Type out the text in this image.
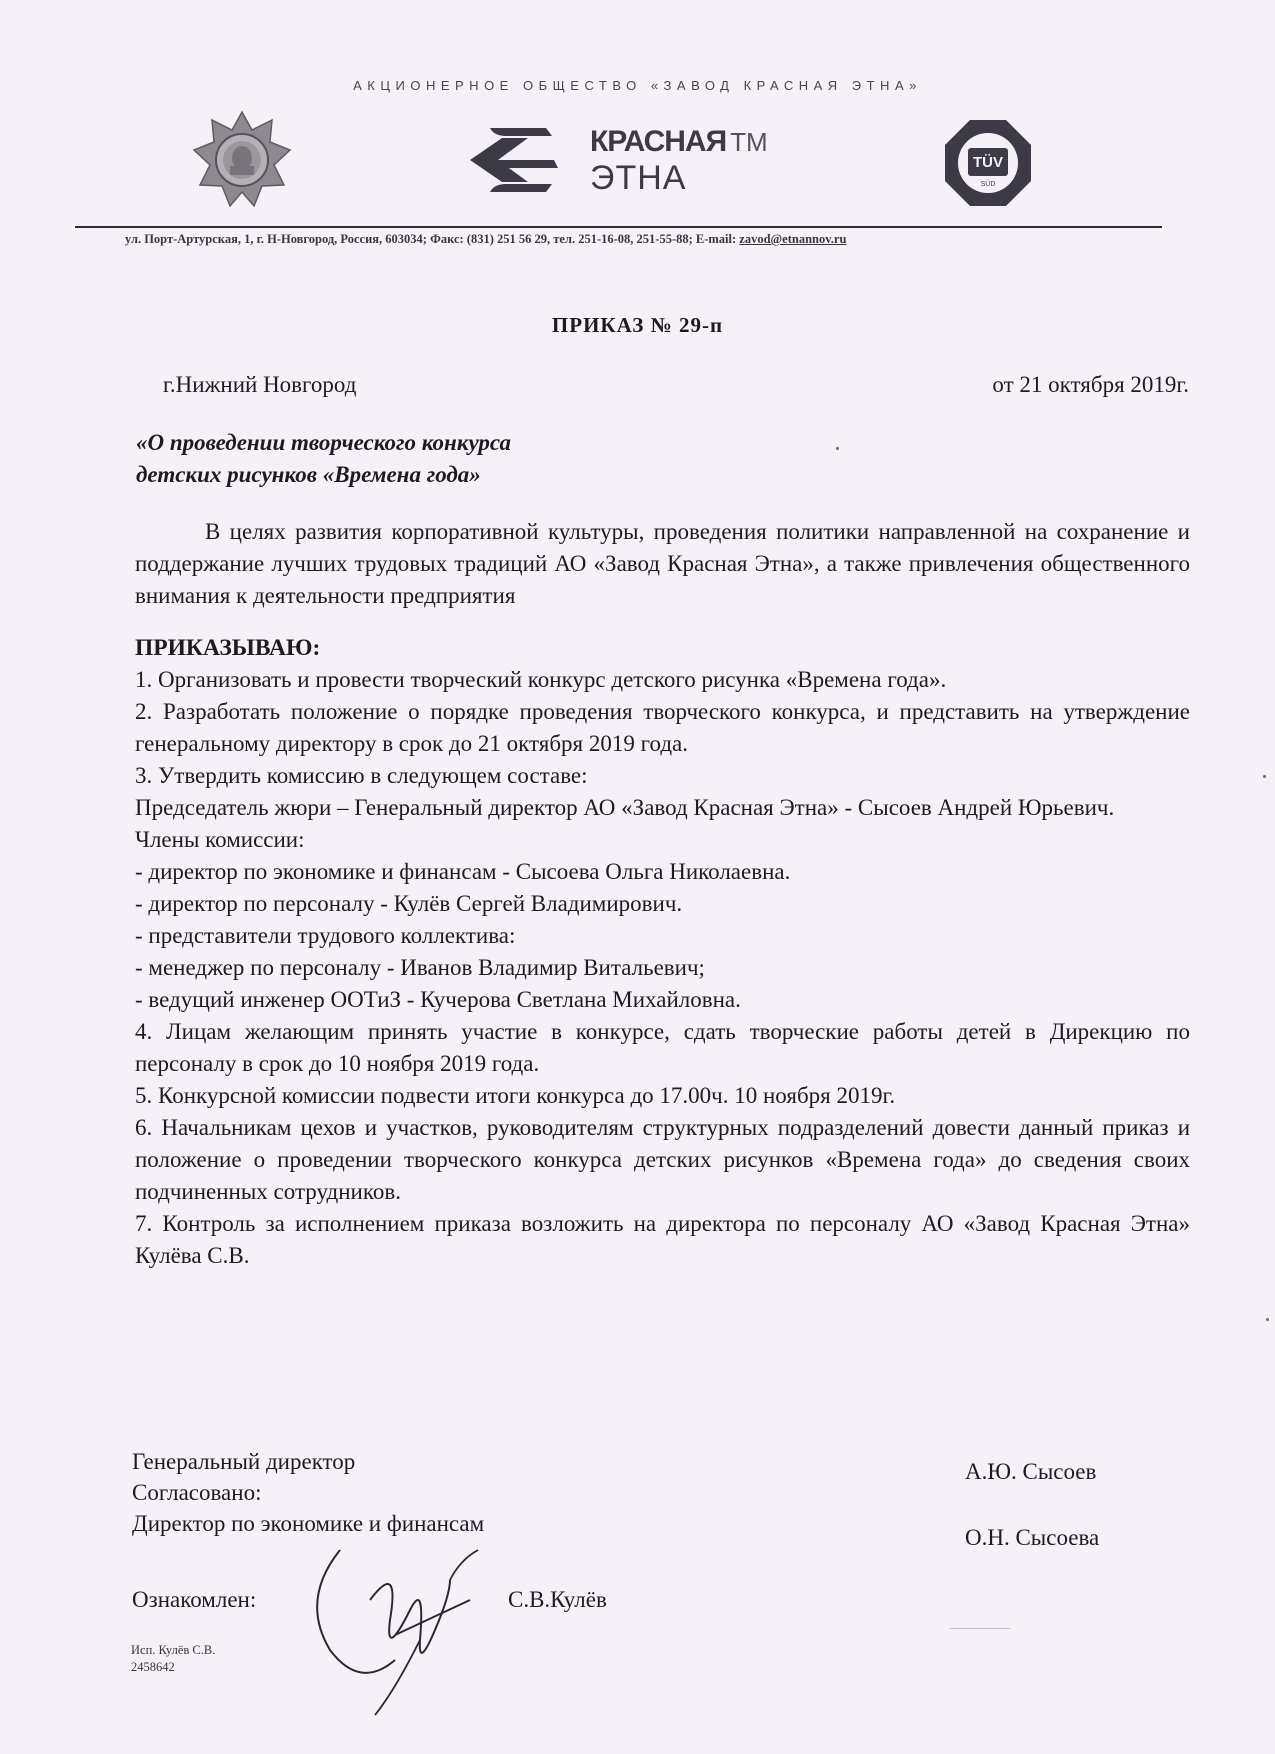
АКЦИОНЕРНОЕ ОБЩЕСТВО «ЗАВОД КРАСНАЯ ЭТНА»
КРАСНАЯ ТМ
ЭТНА	TÜV
SÜD
ул. Порт-Артурская, 1, г. Н-Новгород, Россия, 603034; Факс: (831) 251 56 29, тел. 251-16-08, 251-55-88; E-mail: zavod@etnannov.ru
ПРИКАЗ № 29-п
г.Нижний Новгород	от 21 октября 2019г.
«О проведении творческого конкурса
детских рисунков «Времена года»

В целях развития корпоративной культуры, проведения политики направленной на сохранение и поддержание лучших трудовых традиций АО «Завод Красная Этна», а также привлечения общественного внимания к деятельности предприятия

ПРИКАЗЫВАЮ:

1. Организовать и провести творческий конкурс детского рисунка «Времена года».

2. Разработать положение о порядке проведения творческого конкурса, и представить на утверждение генеральному директору в срок до 21 октября 2019 года.

3. Утвердить комиссию в следующем составе:

Председатель жюри – Генеральный директор АО «Завод Красная Этна» - Сысоев Андрей Юрьевич.

Члены комиссии:

- директор по экономике и финансам - Сысоева Ольга Николаевна.

- директор по персоналу - Кулёв Сергей Владимирович.

- представители трудового коллектива:

- менеджер по персоналу - Иванов Владимир Витальевич;

- ведущий инженер ООТиЗ - Кучерова Светлана Михайловна.

4. Лицам желающим принять участие в конкурсе, сдать творческие работы детей в Дирекцию по персоналу в срок до 10 ноября 2019 года.

5. Конкурсной комиссии подвести итоги конкурса до 17.00ч. 10 ноября 2019г.

6. Начальникам цехов и участков, руководителям структурных подразделений довести данный приказ и положение о проведении творческого конкурса детских рисунков «Времена года» до сведения своих подчиненных сотрудников.

7. Контроль за исполнением приказа возложить на директора по персоналу АО «Завод Красная Этна» Кулёва С.В.

Генеральный директор
Согласовано:
Директор по экономике и финансам
А.Ю. Сысоев
О.Н. Сысоева
Ознакомлен:	С.В.Кулёв
Исп. Кулёв С.В.
2458642
